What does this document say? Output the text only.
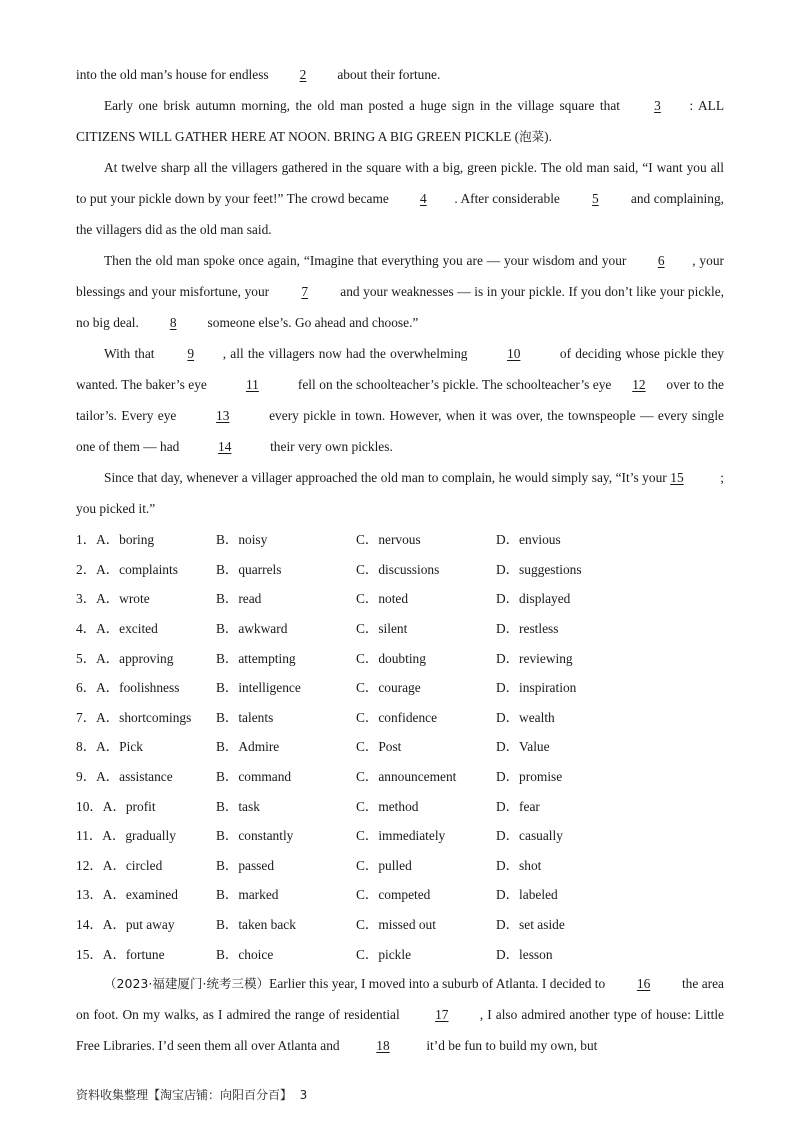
into the old man’s house for endless 2 about their fortune.

Early one brisk autumn morning, the old man posted a huge sign in the village square that 3 : ALL CITIZENS WILL GATHER HERE AT NOON. BRING A BIG GREEN PICKLE (泡菜).

At twelve sharp all the villagers gathered in the square with a big, green pickle. The old man said, “I want you all to put your pickle down by your feet!” The crowd became 4 . After considerable 5 and complaining, the villagers did as the old man said.

Then the old man spoke once again, “Imagine that everything you are — your wisdom and your 6 , your blessings and your misfortune, your 7 and your weaknesses — is in your pickle. If you don’t like your pickle, no big deal. 8 someone else’s. Go ahead and choose.”

With that 9 , all the villagers now had the overwhelming	10	of deciding whose pickle they wanted. The baker’s eye	11	fell on the schoolteacher’s pickle. The schoolteacher’s eye 12 over to the tailor’s. Every eye	13	every pickle in town. However, when it was over, the townspeople — every single one of them — had	14	their very own pickles.

Since that day, whenever a villager approached the old man to complain, he would simply say, “It’s your 15	; you picked it.”

1．A．boring	B．noisy	C．nervous	D．envious
2．A．complaints	B．quarrels	C．discussions	D．suggestions
3．A．wrote	B．read	C．noted	D．displayed
4．A．excited	B．awkward	C．silent	D．restless
5．A．approving	B．attempting	C．doubting	D．reviewing
6．A．foolishness	B．intelligence	C．courage	D．inspiration
7．A．shortcomings	B．talents	C．confidence	D．wealth
8．A．Pick	B．Admire	C．Post	D．Value
9．A．assistance	B．command	C．announcement	D．promise
10．A．profit	B．task	C．method	D．fear
11．A．gradually	B．constantly	C．immediately	D．casually
12．A．circled	B．passed	C．pulled	D．shot
13．A．examined	B．marked	C．competed	D．labeled
14．A．put away	B．taken back	C．missed out	D．set aside
15．A．fortune	B．choice	C．pickle	D．lesson

（2023·福建厦门·统考三模）Earlier this year, I moved into a suburb of Atlanta. I decided to 16 the area on foot. On my walks, as I admired the range of residential 17 , I also admired another type of house: Little Free Libraries. I’d seen them all over Atlanta and 18 it’d be fun to build my own, but

资料收集整理【淘宝店铺：向阳百分百】 3
